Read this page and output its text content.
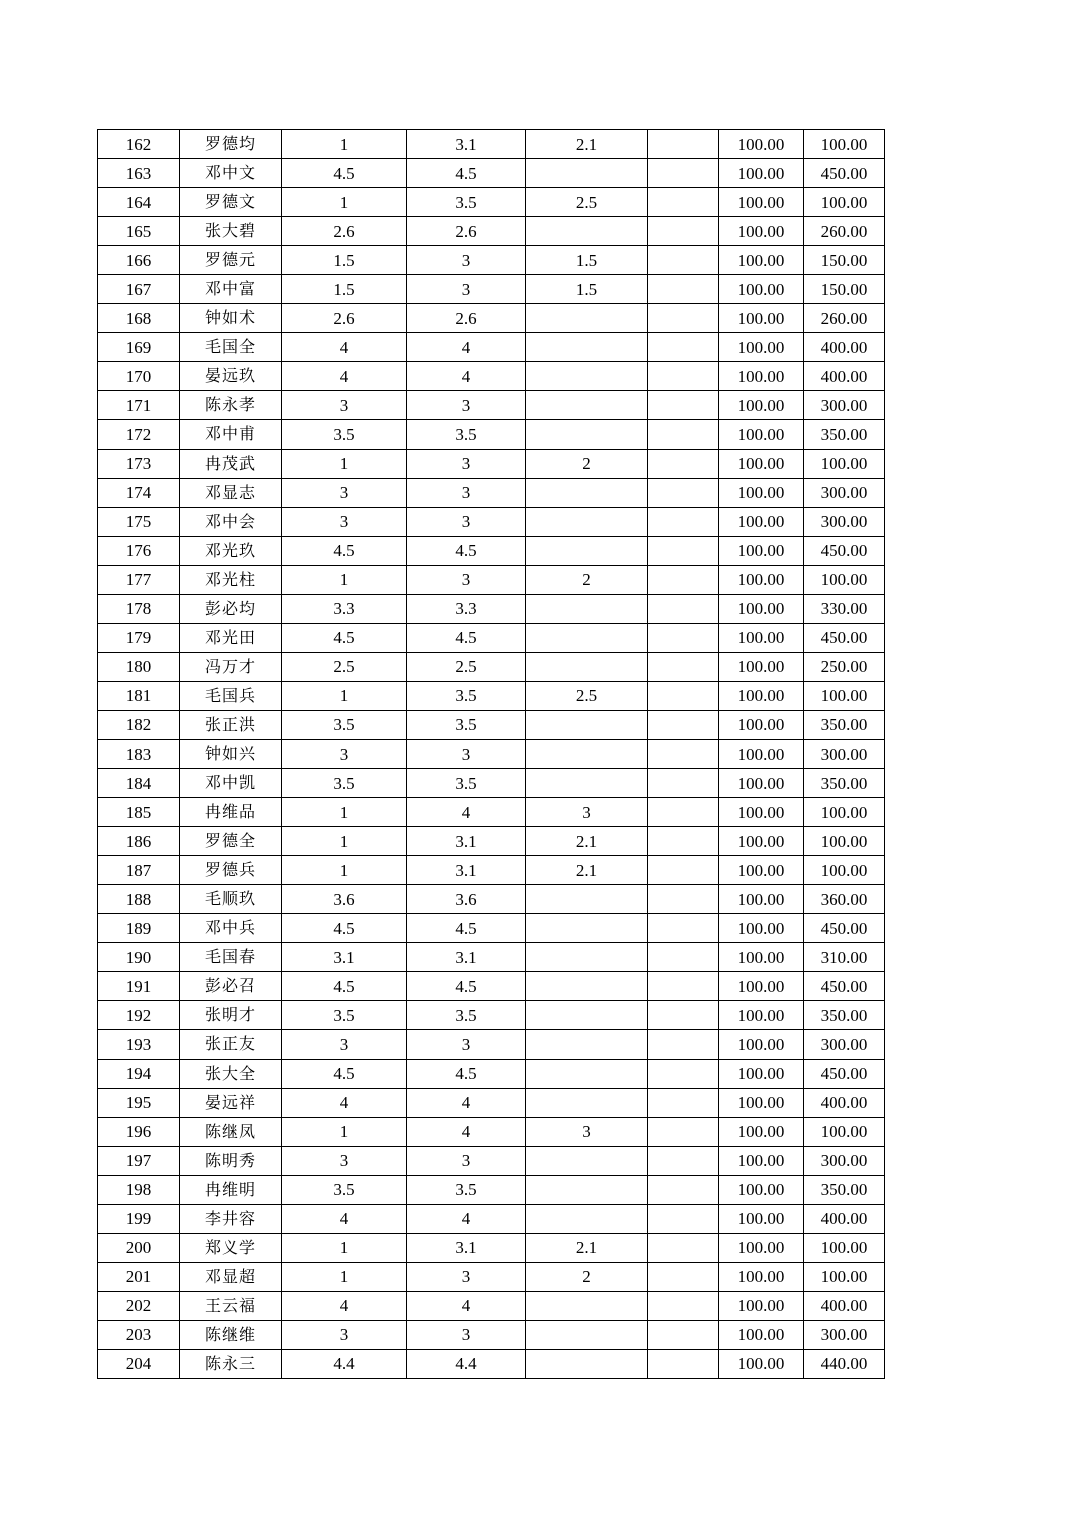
162	罗德均	1	3.1	2.1		100.00	100.00
163	邓中文	4.5	4.5			100.00	450.00
164	罗德文	1	3.5	2.5		100.00	100.00
165	张大碧	2.6	2.6			100.00	260.00
166	罗德元	1.5	3	1.5		100.00	150.00
167	邓中富	1.5	3	1.5		100.00	150.00
168	钟如术	2.6	2.6			100.00	260.00
169	毛国全	4	4			100.00	400.00
170	晏远玖	4	4			100.00	400.00
171	陈永孝	3	3			100.00	300.00
172	邓中甫	3.5	3.5			100.00	350.00
173	冉茂武	1	3	2		100.00	100.00
174	邓显志	3	3			100.00	300.00
175	邓中会	3	3			100.00	300.00
176	邓光玖	4.5	4.5			100.00	450.00
177	邓光柱	1	3	2		100.00	100.00
178	彭必均	3.3	3.3			100.00	330.00
179	邓光田	4.5	4.5			100.00	450.00
180	冯万才	2.5	2.5			100.00	250.00
181	毛国兵	1	3.5	2.5		100.00	100.00
182	张正洪	3.5	3.5			100.00	350.00
183	钟如兴	3	3			100.00	300.00
184	邓中凯	3.5	3.5			100.00	350.00
185	冉维品	1	4	3		100.00	100.00
186	罗德全	1	3.1	2.1		100.00	100.00
187	罗德兵	1	3.1	2.1		100.00	100.00
188	毛顺玖	3.6	3.6			100.00	360.00
189	邓中兵	4.5	4.5			100.00	450.00
190	毛国春	3.1	3.1			100.00	310.00
191	彭必召	4.5	4.5			100.00	450.00
192	张明才	3.5	3.5			100.00	350.00
193	张正友	3	3			100.00	300.00
194	张大全	4.5	4.5			100.00	450.00
195	晏远祥	4	4			100.00	400.00
196	陈继凤	1	4	3		100.00	100.00
197	陈明秀	3	3			100.00	300.00
198	冉维明	3.5	3.5			100.00	350.00
199	李井容	4	4			100.00	400.00
200	郑义学	1	3.1	2.1		100.00	100.00
201	邓显超	1	3	2		100.00	100.00
202	王云福	4	4			100.00	400.00
203	陈继维	3	3			100.00	300.00
204	陈永三	4.4	4.4			100.00	440.00
